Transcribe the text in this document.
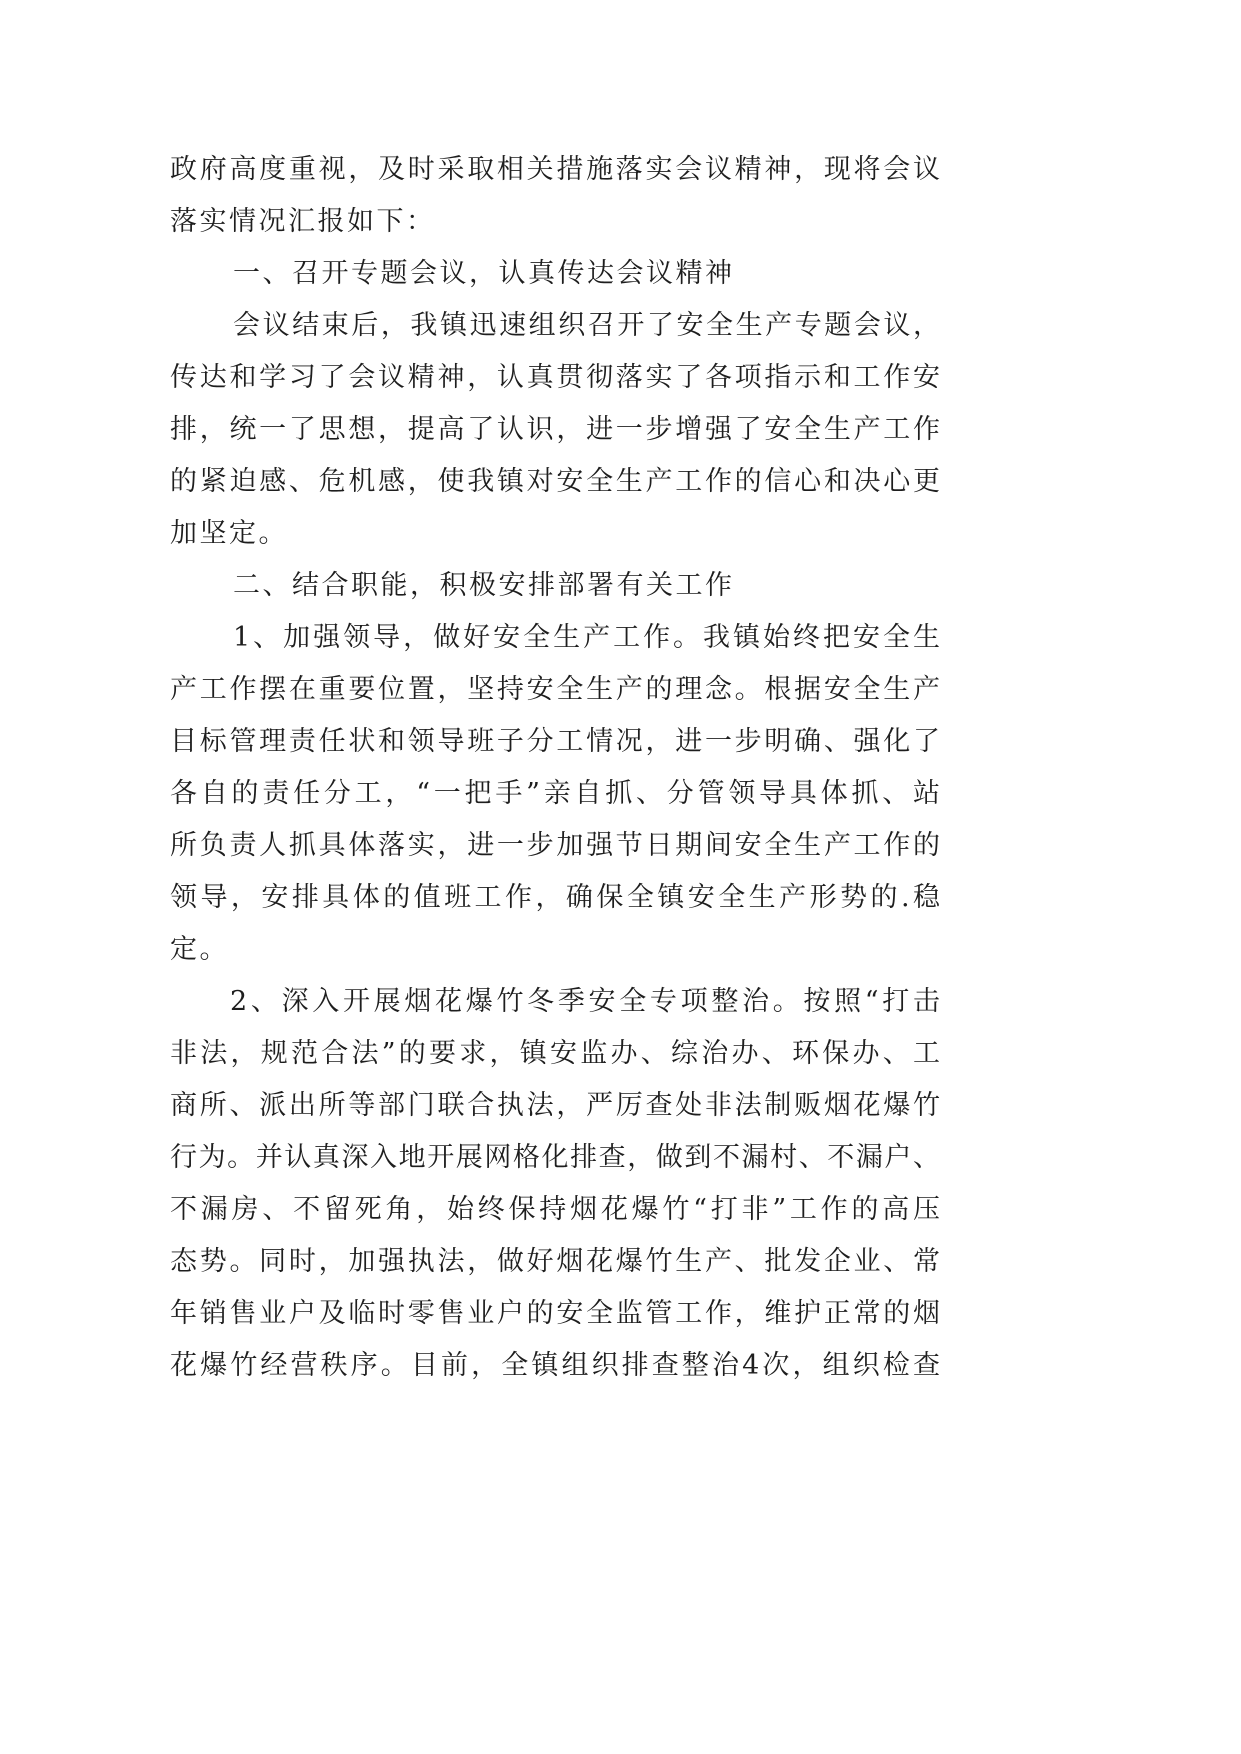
政府高度重视，及时采取相关措施落实会议精神，现将会议
落实情况汇报如下：
一、召开专题会议，认真传达会议精神
会议结束后，我镇迅速组织召开了安全生产专题会议，
传达和学习了会议精神，认真贯彻落实了各项指示和工作安
排，统一了思想，提高了认识，进一步增强了安全生产工作
的紧迫感、危机感，使我镇对安全生产工作的信心和决心更
加坚定。
二、结合职能，积极安排部署有关工作
1、加强领导，做好安全生产工作。我镇始终把安全生
产工作摆在重要位置，坚持安全生产的理念。根据安全生产
目标管理责任状和领导班子分工情况，进一步明确、强化了
各自的责任分工，“一把手”亲自抓、分管领导具体抓、站
所负责人抓具体落实，进一步加强节日期间安全生产工作的
领导，安排具体的值班工作，确保全镇安全生产形势的.稳
定。
2、深入开展烟花爆竹冬季安全专项整治。按照“打击
非法，规范合法”的要求，镇安监办、综治办、环保办、工
商所、派出所等部门联合执法，严厉查处非法制贩烟花爆竹
行为。并认真深入地开展网格化排查，做到不漏村、不漏户、
不漏房、不留死角，始终保持烟花爆竹“打非”工作的高压
态势。同时，加强执法，做好烟花爆竹生产、批发企业、常
年销售业户及临时零售业户的安全监管工作，维护正常的烟
花爆竹经营秩序。目前，全镇组织排查整治4次，组织检查
